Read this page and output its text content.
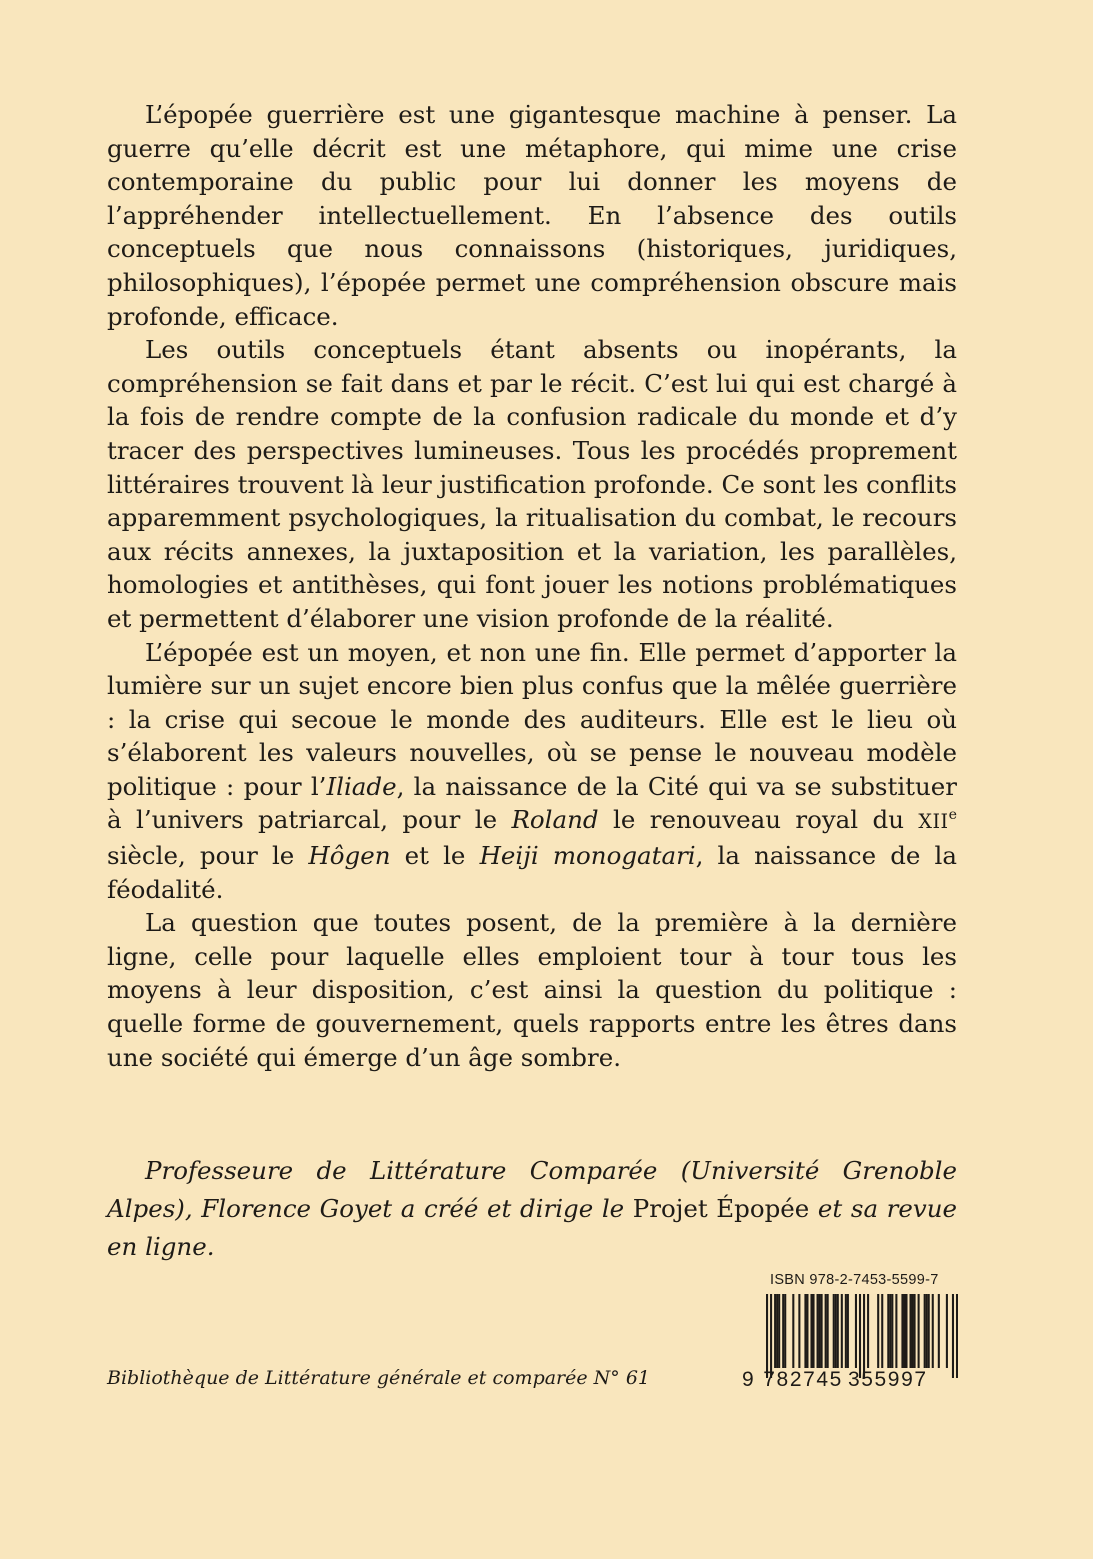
L’épopée guerrière est une gigantesque machine à penser. La guerre qu’elle décrit est une métaphore, qui mime une crise contemporaine du public pour lui donner les moyens de l’appréhender intellectuellement. En l’absence des outils conceptuels que nous connaissons (historiques, juridiques, philosophiques), l’épopée permet une compréhension obscure mais profonde, efficace.

Les outils conceptuels étant absents ou inopérants, la compréhension se fait dans et par le récit. C’est lui qui est chargé à la fois de rendre compte de la confusion radicale du monde et d’y tracer des perspectives lumineuses. Tous les procédés proprement littéraires trouvent là leur justification profonde. Ce sont les conflits apparemment psychologiques, la ritualisation du combat, le recours aux récits annexes, la juxtaposition et la variation, les parallèles, homologies et antithèses, qui font jouer les notions problématiques et permettent d’élaborer une vision profonde de la réalité.

L’épopée est un moyen, et non une fin. Elle permet d’apporter la lumière sur un sujet encore bien plus confus que la mêlée guerrière : la crise qui secoue le monde des auditeurs. Elle est le lieu où s’élaborent les valeurs nouvelles, où se pense le nouveau modèle politique : pour l’Iliade, la naissance de la Cité qui va se substituer à l’univers patriarcal, pour le Roland le renouveau royal du XIIe siècle, pour le Hôgen et le Heiji monogatari, la naissance de la féodalité.

La question que toutes posent, de la première à la dernière ligne, celle pour laquelle elles emploient tour à tour tous les moyens à leur disposition, c’est ainsi la question du politique : quelle forme de gouvernement, quels rapports entre les êtres dans une société qui émerge d’un âge sombre.

Professeure de Littérature Comparée (Université Grenoble Alpes), Florence Goyet a créé et dirige le Projet Épopée et sa revue en ligne.

Bibliothèque de Littérature générale et comparée N° 61
ISBN 978-2-7453-5599-7
9 782745 355997
